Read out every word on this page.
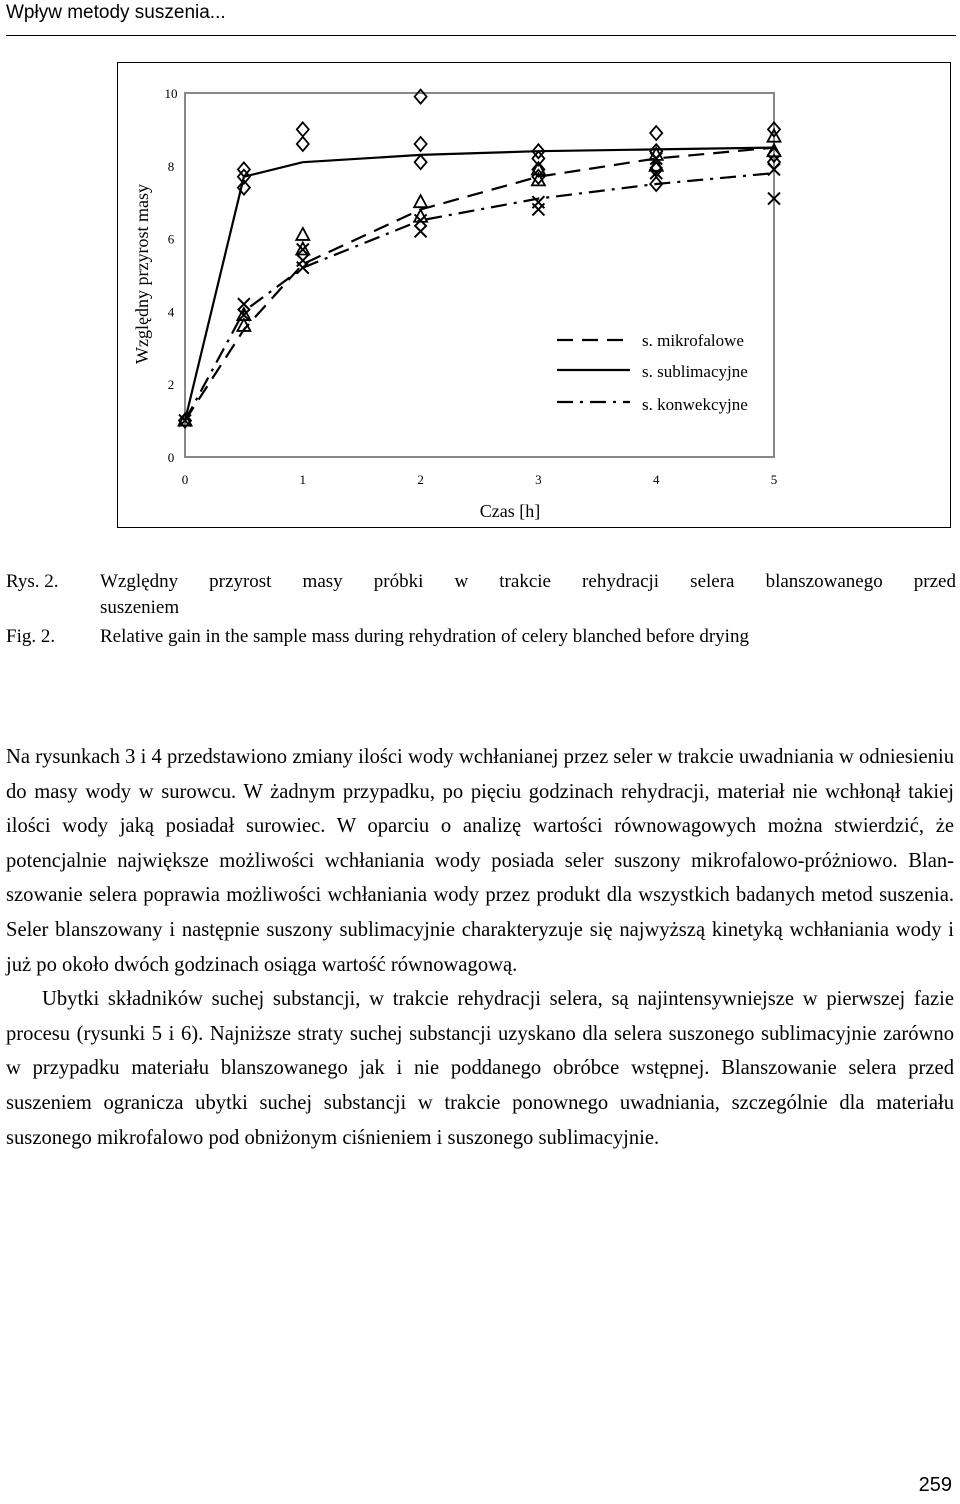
Wpływ metody suszenia...
0
2
4
6
8
10
0	1	2	3	4	5
s. mikrofalowe
s. sublimacyjne
s. konwekcyjne
Względny przyrost masy
Czas [h]
Rys. 2. Względny przyrost masy próbki w trakcie rehydracji selera blanszowanego przed
suszeniem
Fig. 2. Relative gain in the sample mass during rehydration of celery blanched before drying

Na rysunkach 3 i 4 przedstawiono zmiany ilości wody wchłanianej przez seler w trakcie uwadniania w odniesieniu do masy wody w surowcu. W żadnym przypadku, po pięciu godzinach rehydracji, materiał nie wchłonął takiej ilości wody jaką posiadał surowiec. W oparciu o analizę wartości równowagowych można stwierdzić, że potencjalnie największe możliwości wchłaniania wody posiada seler suszony mikrofalowo-próżniowo. Blanszowanie selera poprawia możliwości wchłaniania wody przez produkt dla wszystkich badanych metod suszenia. Seler blanszowany i następnie suszony sublimacyjnie charakteryzuje się najwyższą kinetyką wchłaniania wody i już po około dwóch godzinach osiąga wartość równowagową.

Ubytki składników suchej substancji, w trakcie rehydracji selera, są najintensywniejsze w pierwszej fazie procesu (rysunki 5 i 6). Najniższe straty suchej substancji uzyskano dla selera suszonego sublimacyjnie zarówno w przypadku materiału blanszowanego jak i nie poddanego obróbce wstępnej. Blanszowanie selera przed suszeniem ogranicza ubytki suchej substancji w trakcie ponownego uwadniania, szczególnie dla materiału suszonego mikrofalowo pod obniżonym ciśnieniem i suszonego sublimacyjnie.

259
